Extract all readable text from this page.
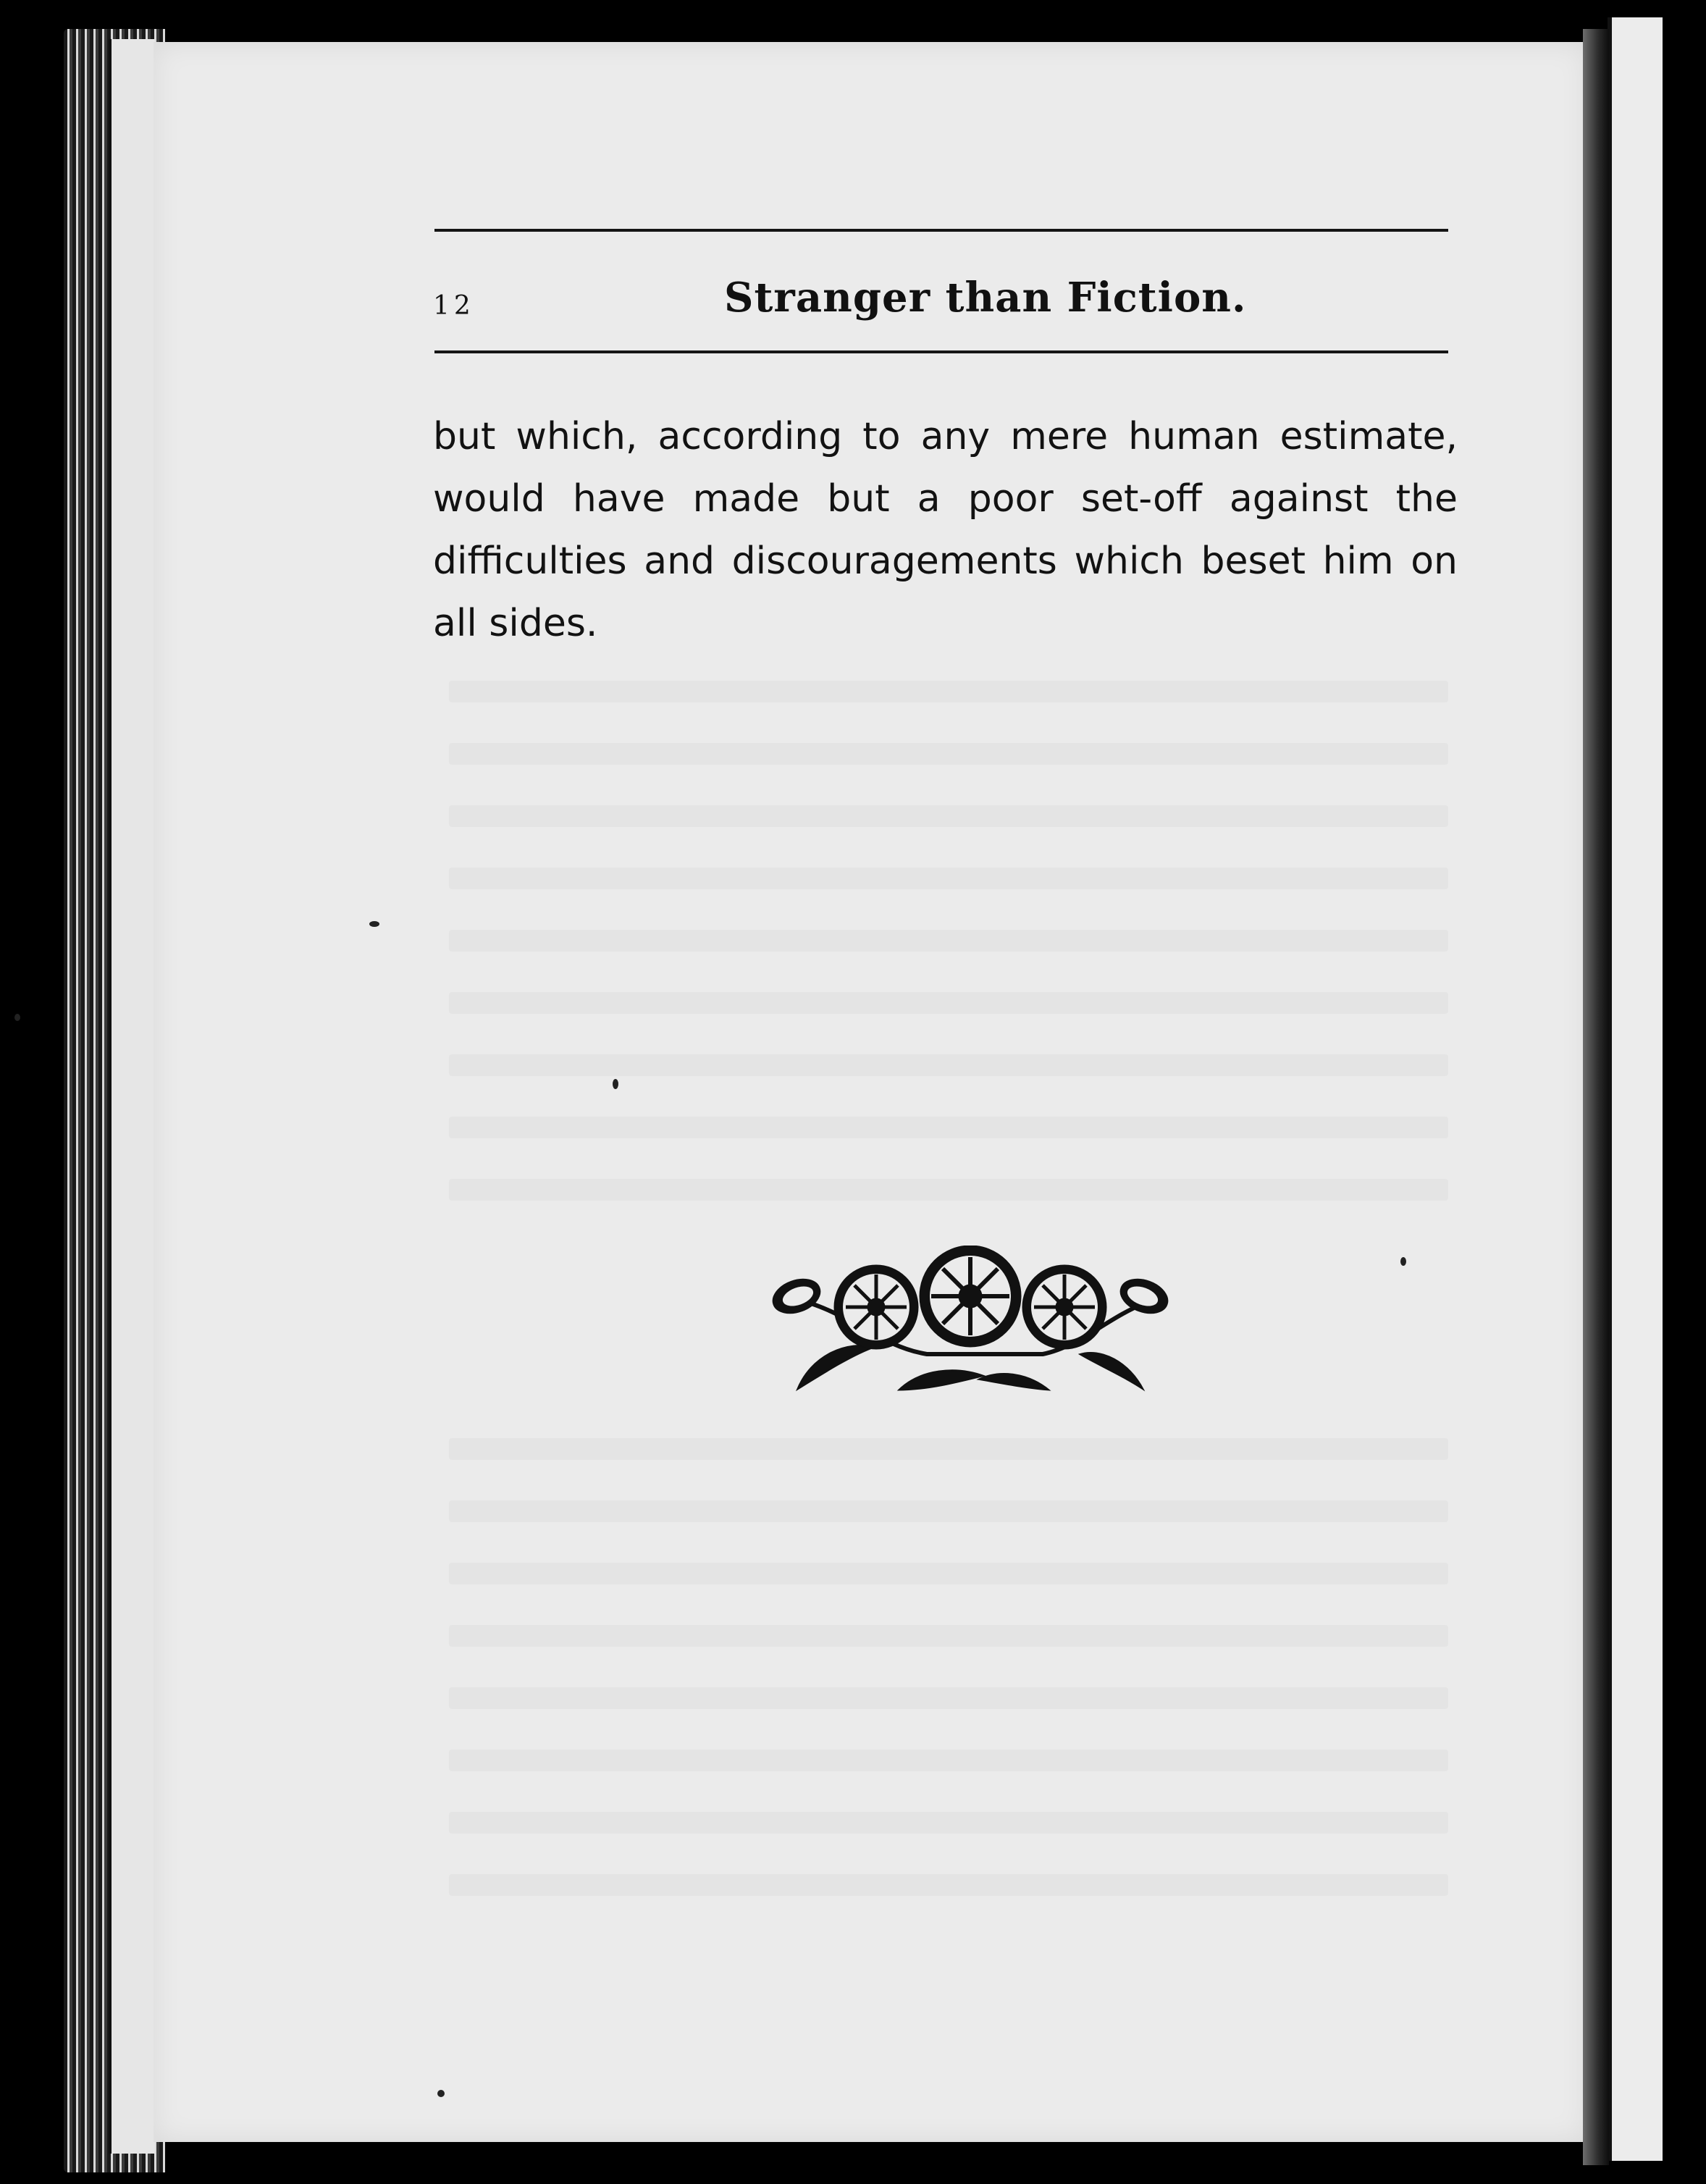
12	Stranger than Fiction.

but which, according to any mere human estimate, would have made but a poor set-off against the difficulties and discouragements which beset him on all sides.
